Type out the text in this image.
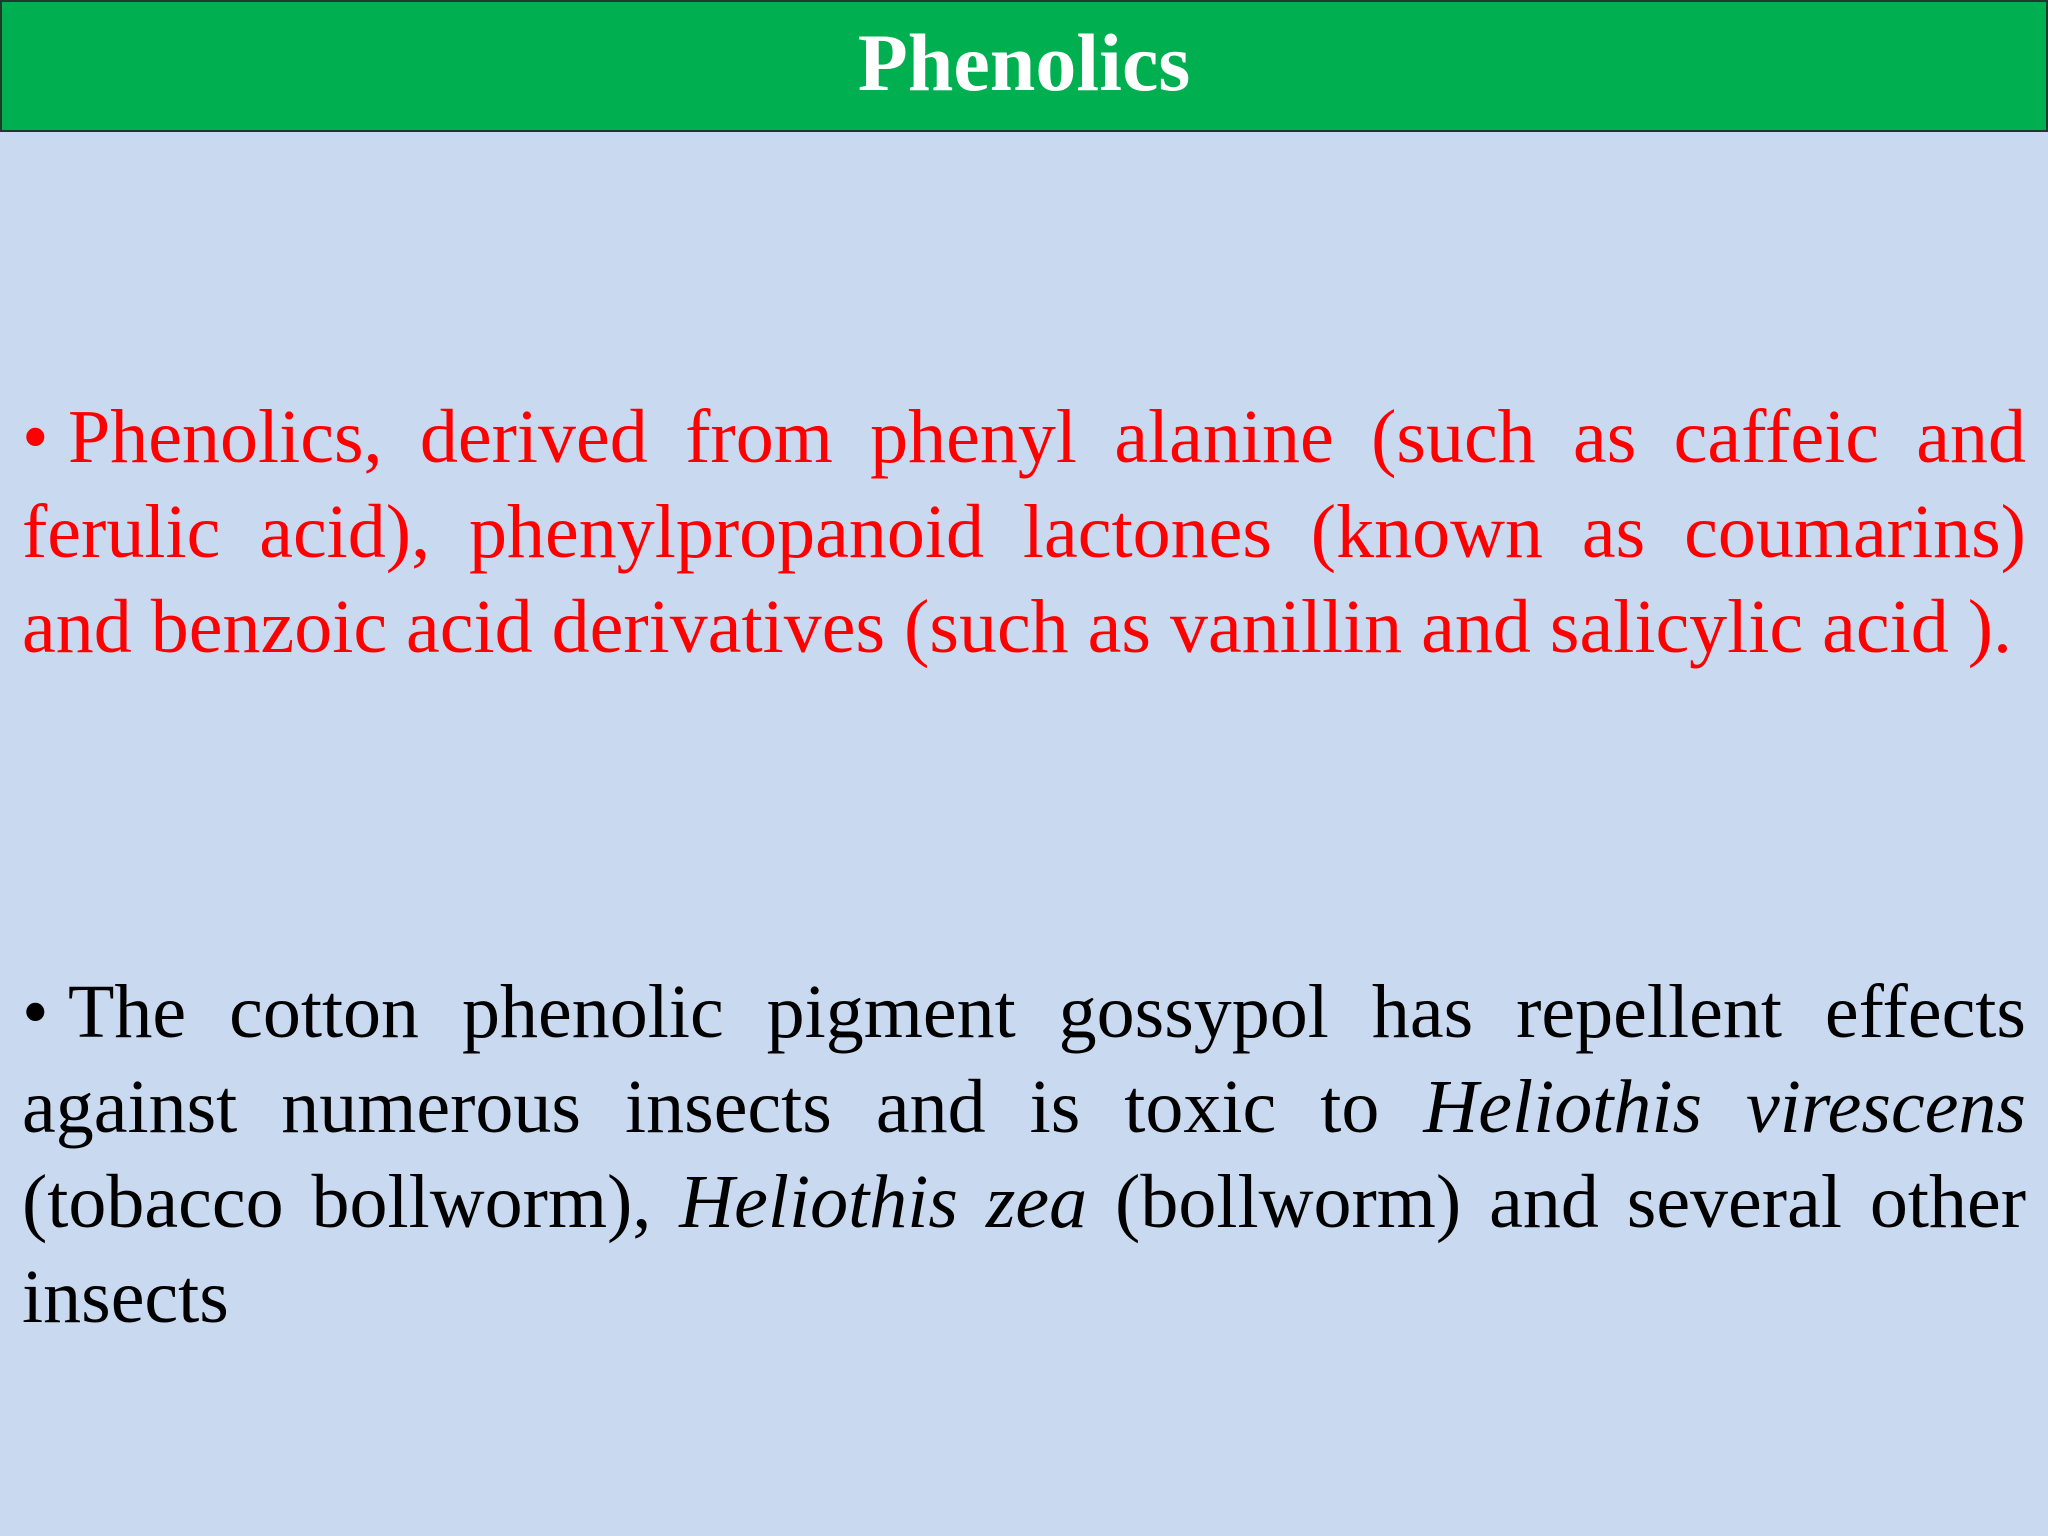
Phenolics
• Phenolics, derived from phenyl alanine (such as caffeic and ferulic acid), phenylpropanoid lactones (known as coumarins) and benzoic acid derivatives (such as vanillin and salicylic acid ).
• The cotton phenolic pigment gossypol has repellent effects against numerous insects and is toxic to Heliothis virescens (tobacco bollworm), Heliothis zea (bollworm) and several other insects
